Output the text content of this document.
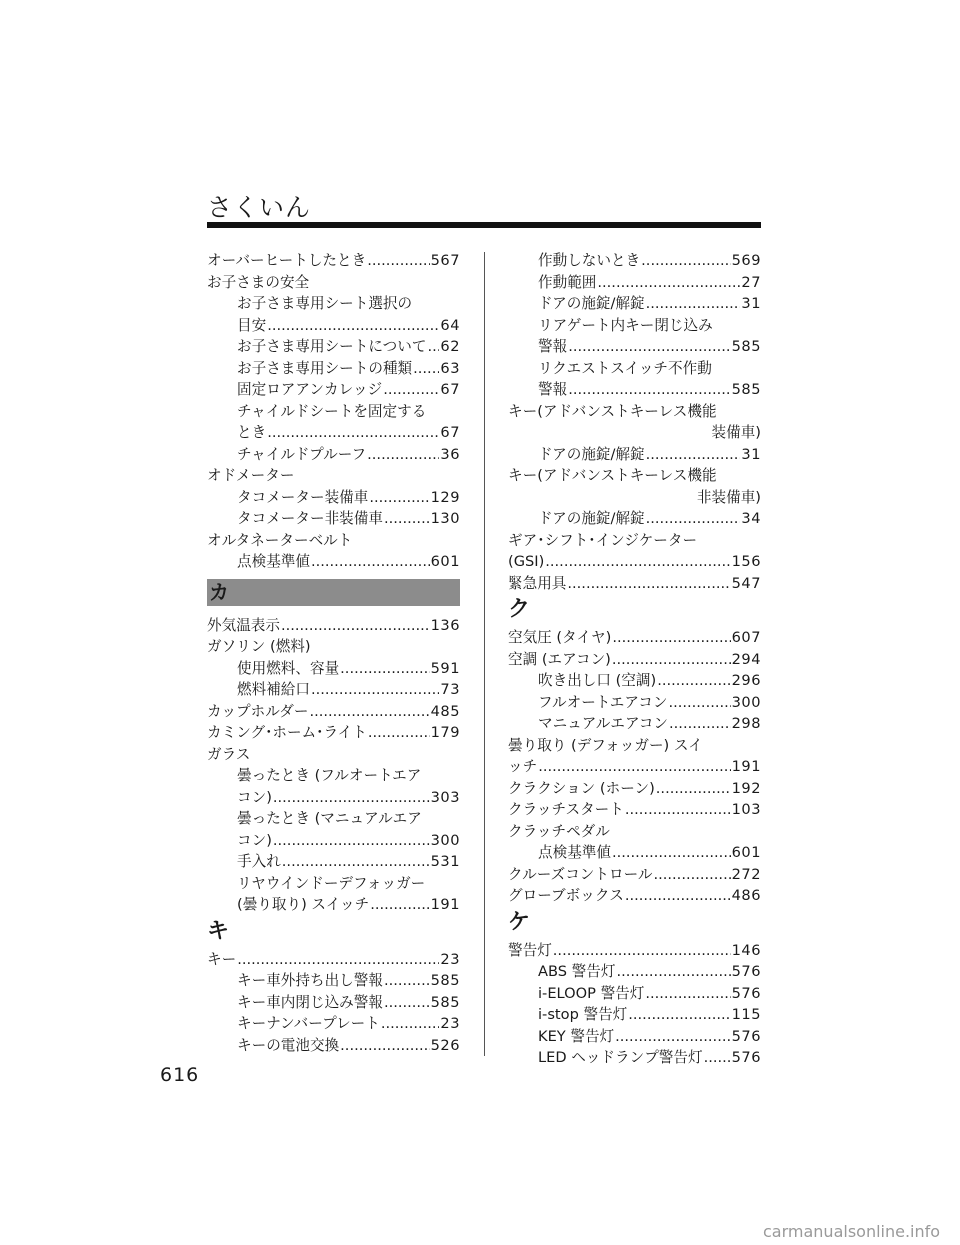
さくいん
オーバーヒートしたとき .....	567
お子さまの安全
お子さま専用シート選択の
目安 .....	64
お子さま専用シートについて ..... 62
お子さま専用シートの種類 ..... 63
固定ロアアンカレッジ .....	67
チャイルドシートを固定する
とき .....	67
チャイルドプルーフ .....	36
オドメーター
タコメーター装備車 .....	129
タコメーター非装備車 .....	130
オルタネーターベルト
点検基準値 .....	601
カ
外気温表示 .....	136
ガソリン (燃料)
使用燃料、容量 .....	591
燃料補給口 .....	73
カップホルダー .....	485
カミング･ホーム･ライト .....	179
ガラス
曇ったとき (フルオートエア
コン) .....	303
曇ったとき (マニュアルエア
コン) .....	300
手入れ .....	531
リヤウインドーデフォッガー
(曇り取り) スイッチ .....	191
キ
キー .....	23
キー車外持ち出し警報 .....	585
キー車内閉じ込み警報 .....	585
キーナンバープレート .....	23
キーの電池交換 .....	526
作動しないとき .....	569
作動範囲 .....	27
ドアの施錠/解錠 .....	31
リアゲート内キー閉じ込み
警報 .....	585
リクエストスイッチ不作動
警報 .....	585
キー(アドバンストキーレス機能
装備車)
ドアの施錠/解錠 .....	31
キー(アドバンストキーレス機能
非装備車)
ドアの施錠/解錠 .....	34
ギア･シフト･インジケーター
(GSI) .....	156
緊急用具 .....	547
ク
空気圧 (タイヤ) .....	607
空調 (エアコン) .....	294
吹き出し口 (空調) .....	296
フルオートエアコン .....	300
マニュアルエアコン .....	298
曇り取り (デフォッガー) スイ
ッチ .....	191
クラクション (ホーン) .....	192
クラッチスタート .....	103
クラッチペダル
点検基準値 .....	601
クルーズコントロール .....	272
グローブボックス .....	486
ケ
警告灯 .....	146
ABS 警告灯 .....	576
i-ELOOP 警告灯 .....	576
i-stop 警告灯 .....	115
KEY 警告灯 .....	576
LED ヘッドランプ警告灯 ..... 576
616
carmanualsonline.info
